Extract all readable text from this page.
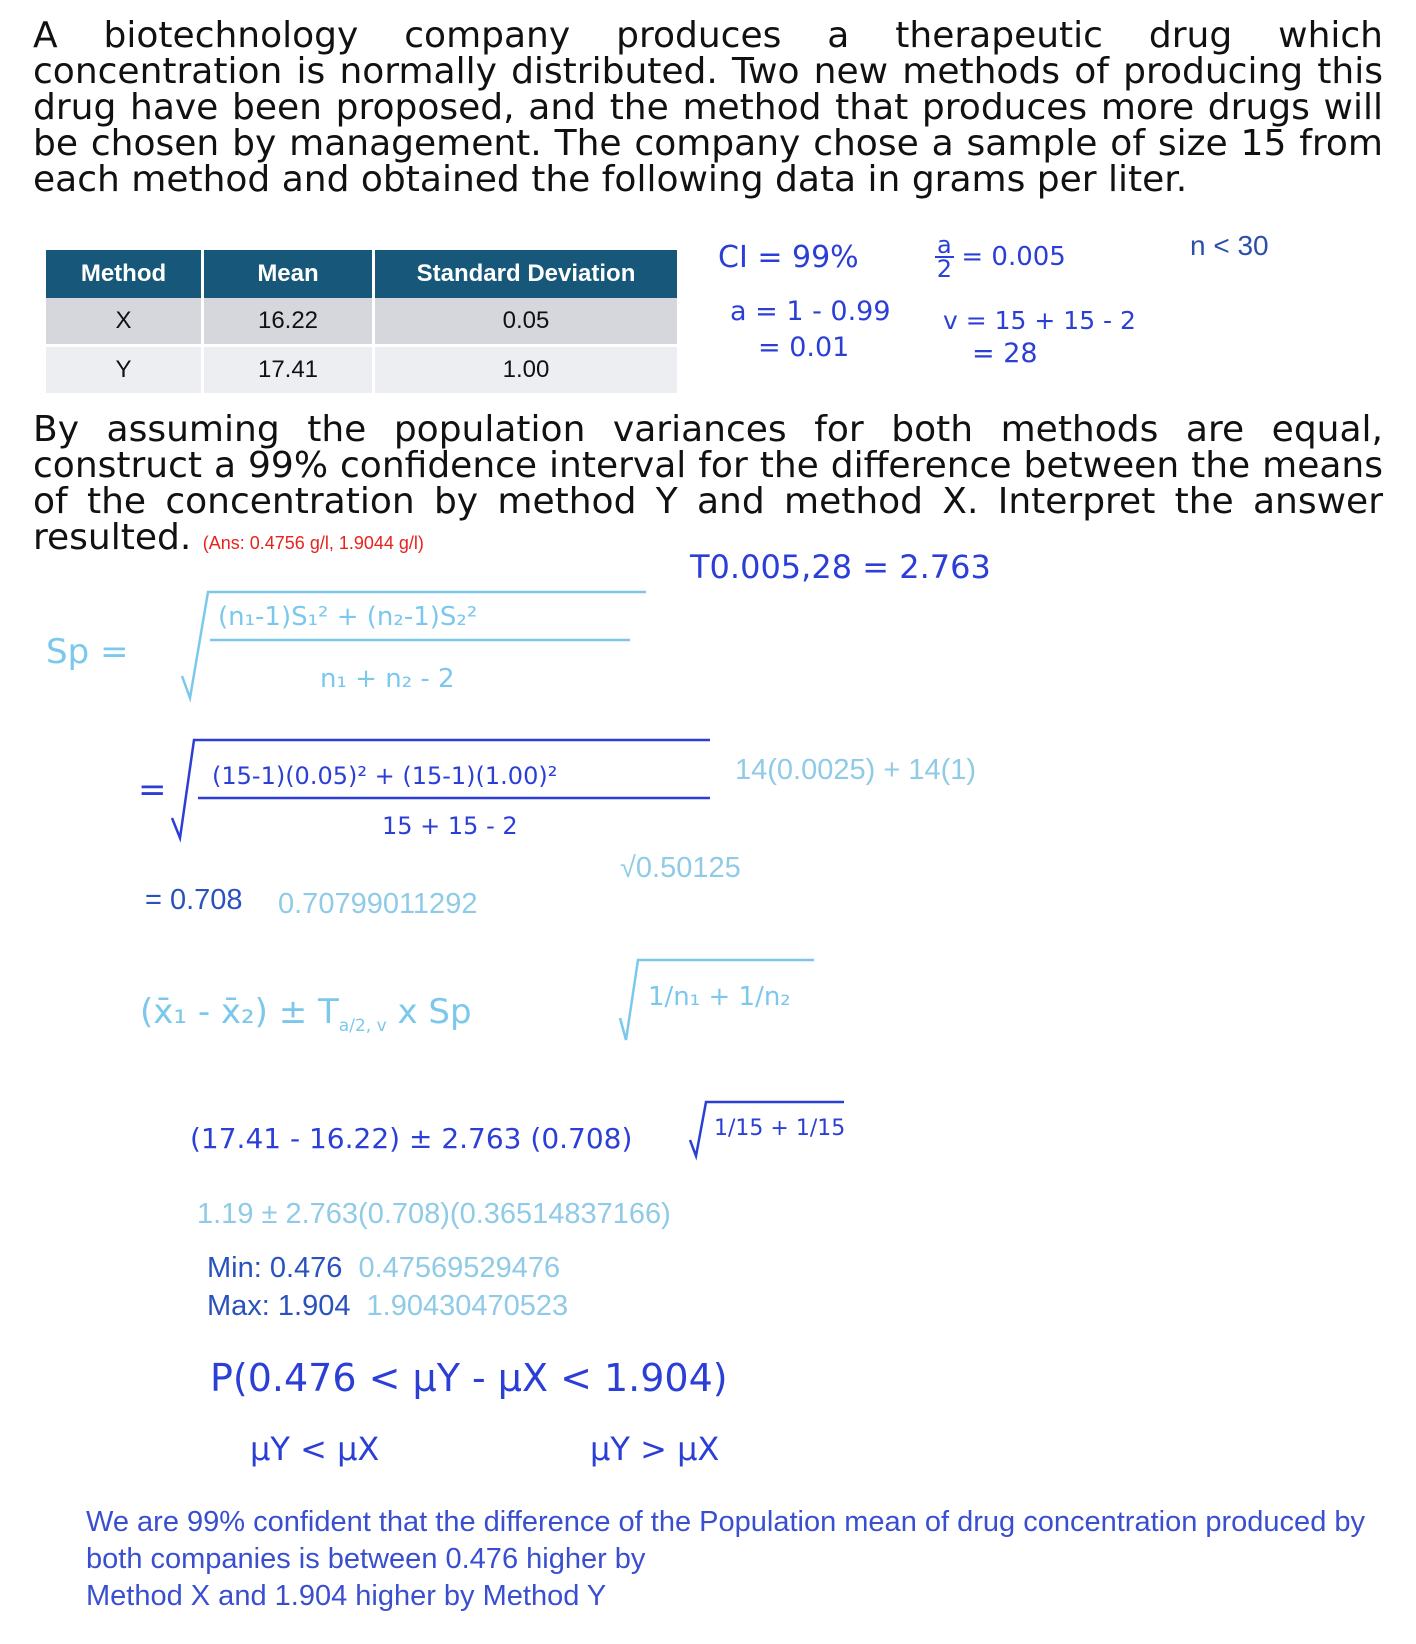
A biotechnology company produces a therapeutic drug which concentration is normally distributed. Two new methods of producing this drug have been proposed, and the method that produces more drugs will be chosen by management. The company chose a sample of size 15 from each method and obtained the following data in grams per liter.
Method	Mean	Standard Deviation
X	16.22	0.05
Y	17.41	1.00
CI = 99%
a = 1 - 0.99
= 0.01
$\frac{a}{2} = 0.005$
v = 15 + 15 - 2
= 28
n < 30
By assuming the population variances for both methods are equal, construct a 99% confidence interval for the difference between the means of the concentration by method Y and method X. Interpret the answer resulted. (Ans: 0.4756 g/l, 1.9044 g/l)
T0.005,28 = 2.763
Sp =
(n₁-1)S₁² + (n₂-1)S₂²
n₁ + n₂ - 2
= (15-1)(0.05)² + (15-1)(1.00)²
15 + 15 - 2
14(0.0025) + 14(1)
√0.50125
= 0.708 0.70799011292
(x̄₁ - x̄₂) ± $T_{a/2, v}$ x Sp	1/n₁ + 1/n₂
(17.41 - 16.22) ± 2.763 (0.708)	1/15 + 1/15
1.19 ± 2.763(0.708)(0.36514837166)
Min: 0.476 0.47569529476
Max: 1.904 1.90430470523
P(0.476 < μY - μX < 1.904)
μY < μX	μY > μX
We are 99% confident that the difference of the Population mean of drug concentration produced by both companies is between 0.476 higher by
Method X and 1.904 higher by Method Y
